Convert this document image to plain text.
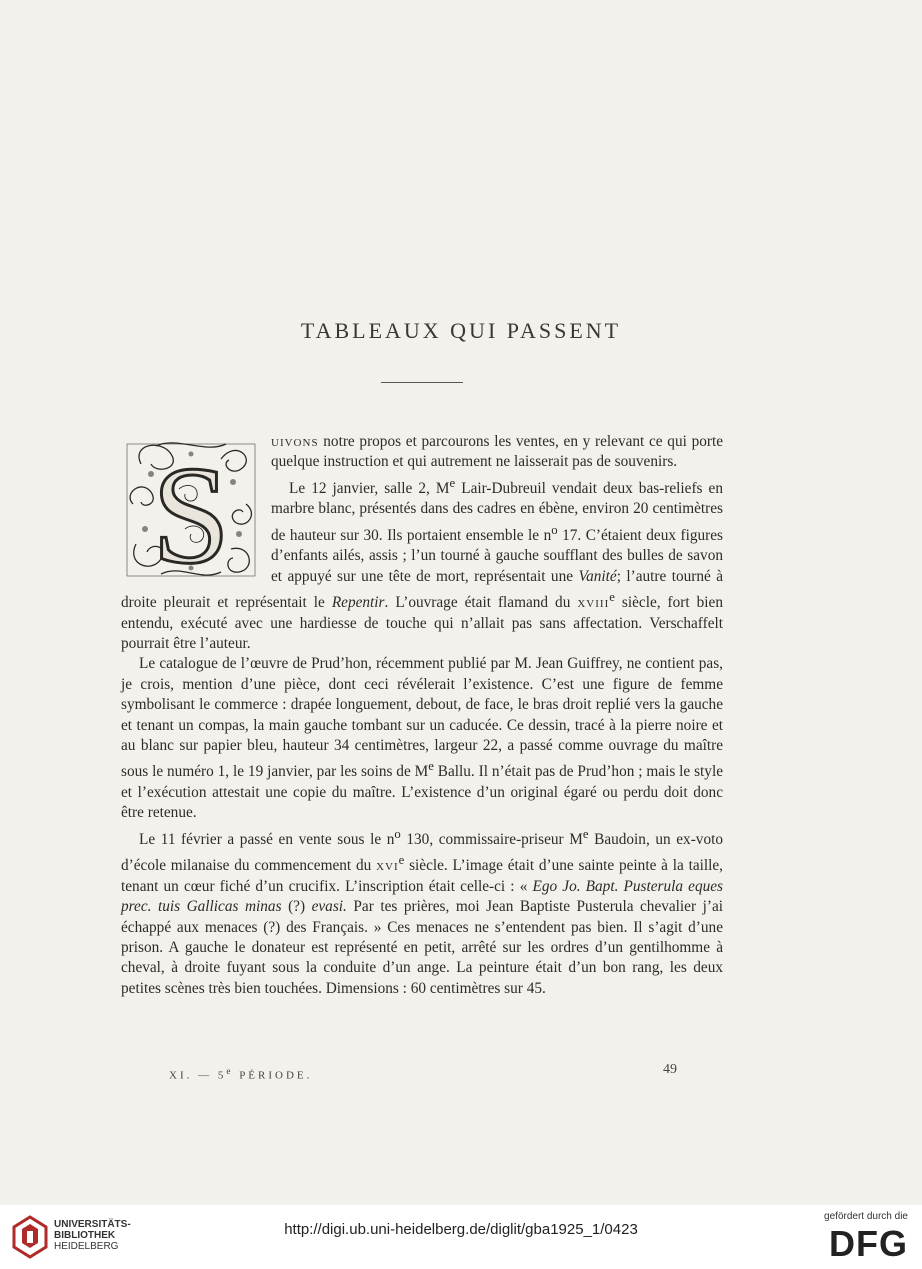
TABLEAUX QUI PASSENT
S	uivons notre propos et parcourons les ventes, en y relevant ce qui porte quelque instruction et qui autrement ne laisserait pas de souvenirs.

Le 12 janvier, salle 2, Me Lair-Dubreuil vendait deux bas-reliefs en marbre blanc, présentés dans des cadres en ébène, environ 20 centimètres de hauteur sur 30. Ils portaient ensemble le $n^o$ 17. C’étaient deux figures d’enfants ailés, assis ; l’un tourné à gauche soufflant des bulles de savon et appuyé sur une tête de mort, représentait une Vanité; l’autre tourné à droite pleurait et représentait le Repentir. L’ouvrage était flamand du xviii$^e$ siècle, fort bien entendu, exécuté avec une hardiesse de touche qui n’allait pas sans affectation. Verschaffelt pourrait être l’auteur.

Le catalogue de l’œuvre de Prud’hon, récemment publié par M. Jean Guiffrey, ne contient pas, je crois, mention d’une pièce, dont ceci révélerait l’existence. C’est une figure de femme symbolisant le commerce : drapée longuement, debout, de face, le bras droit replié vers la gauche et tenant un compas, la main gauche tombant sur un caducée. Ce dessin, tracé à la pierre noire et au blanc sur papier bleu, hauteur 34 centimètres, largeur 22, a passé comme ouvrage du maître sous le numéro 1, le 19 janvier, par les soins de Me Ballu. Il n’était pas de Prud’hon ; mais le style et l’exécution attestait une copie du maître. L’existence d’un original égaré ou perdu doit donc être retenue.

Le 11 février a passé en vente sous le $n^o$ 130, commissaire-priseur Me Baudoin, un ex-voto d’école milanaise du commencement du xvi$^e$ siècle. L’image était d’une sainte peinte à la taille, tenant un cœur fiché d’un crucifix. L’inscription était celle-ci : « Ego Jo. Bapt. Pusterula eques prec. tuis Gallicas minas (?) evasi. Par tes prières, moi Jean Baptiste Pusterula chevalier j’ai échappé aux menaces (?) des Français. » Ces menaces ne s’entendent pas bien. Il s’agit d’une prison. A gauche le donateur est représenté en petit, arrêté sur les ordres d’un gentilhomme à cheval, à droite fuyant sous la conduite d’un ange. La peinture était d’un bon rang, les deux petites scènes très bien touchées. Dimensions : 60 centimètres sur 45.

XI. — 5e PÉRIODE.	49
UNIVERSITÄTS-
BIBLIOTHEK
HEIDELBERG
http://digi.ub.uni-heidelberg.de/diglit/gba1925_1/0423
gefördert durch die
DFG
